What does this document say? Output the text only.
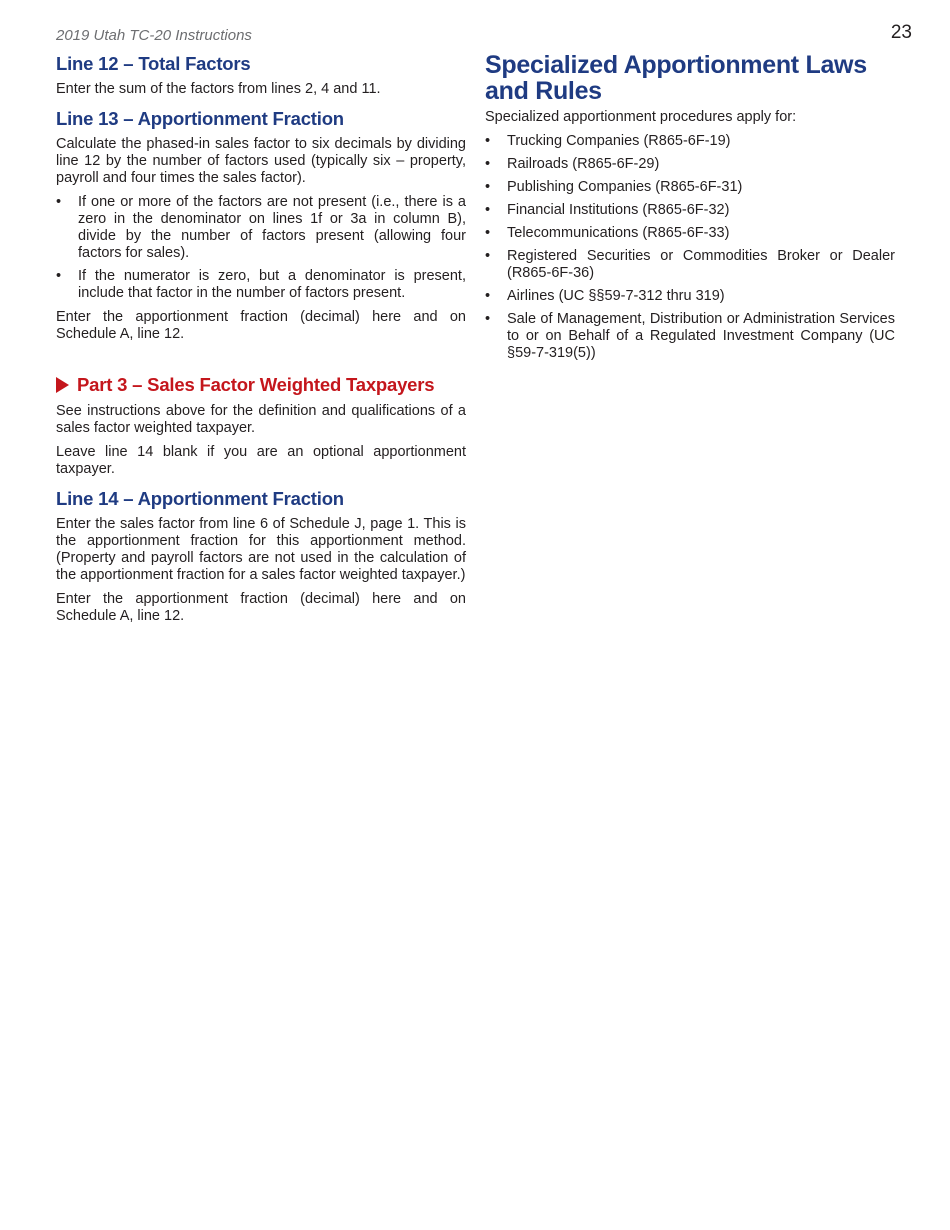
2019 Utah TC-20 Instructions	23
Line 12 – Total Factors

Enter the sum of the factors from lines 2, 4 and 11.

Line 13 – Apportionment Fraction

Calculate the phased-in sales factor to six decimals by dividing line 12 by the number of factors used (typically six – property, payroll and four times the sales factor).

• If one or more of the factors are not present (i.e., there is a zero in the denominator on lines 1f or 3a in column B), divide by the number of factors present (allowing four factors for sales).
• If the numerator is zero, but a denominator is present, include that factor in the number of factors present.

Enter the apportionment fraction (decimal) here and on Schedule A, line 12.

Part 3 – Sales Factor Weighted Taxpayers

See instructions above for the definition and qualifications of a sales factor weighted taxpayer.

Leave line 14 blank if you are an optional apportionment taxpayer.

Line 14 – Apportionment Fraction

Enter the sales factor from line 6 of Schedule J, page 1. This is the apportionment fraction for this apportionment method. (Property and payroll factors are not used in the calculation of the apportionment fraction for a sales factor weighted taxpayer.)

Enter the apportionment fraction (decimal) here and on Schedule A, line 12.

Specialized Apportionment Laws and Rules

Specialized apportionment procedures apply for:

• Trucking Companies (R865-6F-19)
• Railroads (R865-6F-29)
• Publishing Companies (R865-6F-31)
• Financial Institutions (R865-6F-32)
• Telecommunications (R865-6F-33)
• Registered Securities or Commodities Broker or Dealer (R865-6F-36)
• Airlines (UC §§59-7-312 thru 319)
• Sale of Management, Distribution or Administration Services to or on Behalf of a Regulated Investment Company (UC §59-7-319(5))
